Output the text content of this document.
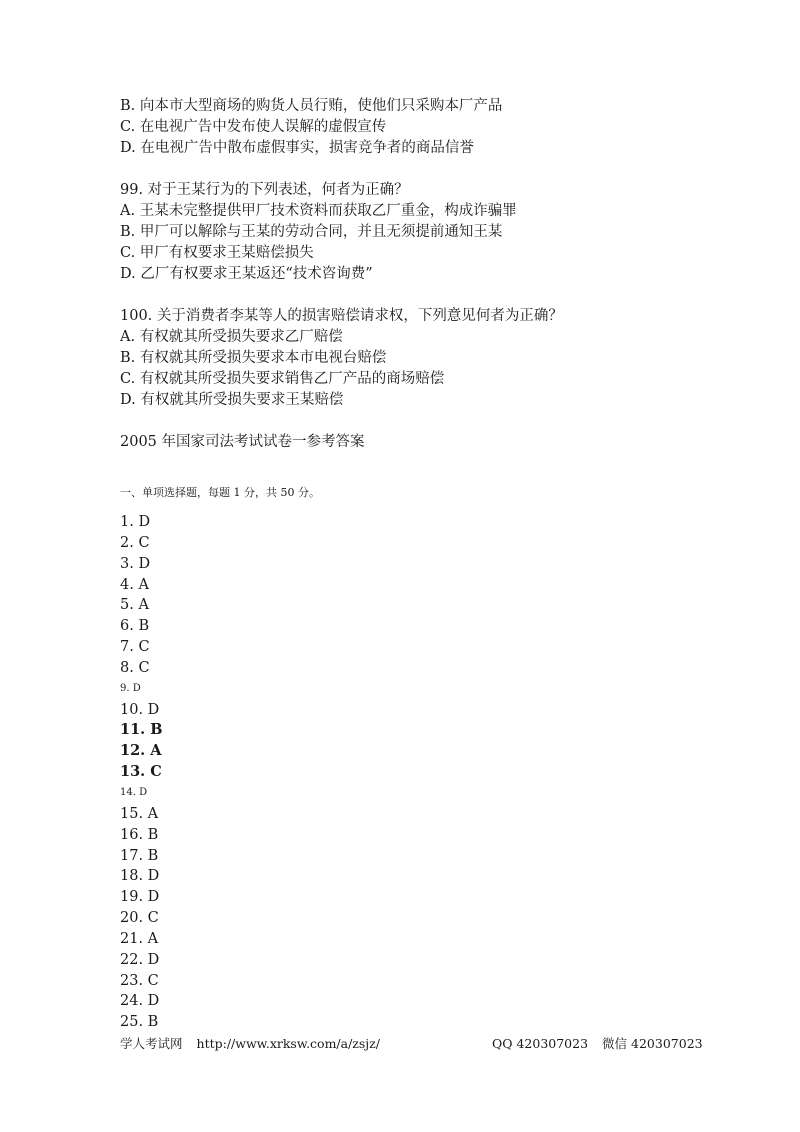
B. 向本市大型商场的购货人员行贿，使他们只采购本厂产品
C. 在电视广告中发布使人误解的虚假宣传
D. 在电视广告中散布虚假事实，损害竞争者的商品信誉
99. 对于王某行为的下列表述，何者为正确？
A. 王某未完整提供甲厂技术资料而获取乙厂重金，构成诈骗罪
B. 甲厂可以解除与王某的劳动合同，并且无须提前通知王某
C. 甲厂有权要求王某赔偿损失
D. 乙厂有权要求王某返还“技术咨询费”
100. 关于消费者李某等人的损害赔偿请求权，下列意见何者为正确？
A. 有权就其所受损失要求乙厂赔偿
B. 有权就其所受损失要求本市电视台赔偿
C. 有权就其所受损失要求销售乙厂产品的商场赔偿
D. 有权就其所受损失要求王某赔偿
2005 年国家司法考试试卷一参考答案
一、单项选择题，每题 1 分，共 50 分。
1. D
2. C
3. D
4. A
5. A
6. B
7. C
8. C
9. D
10. D
11. B
12. A
13. C
14. D
15. A
16. B
17. B
18. D
19. D
20. C
21. A
22. D
23. C
24. D
25. B
学人考试网 http://www.xrksw.com/a/zsjz/	QQ 420307023 微信 420307023
